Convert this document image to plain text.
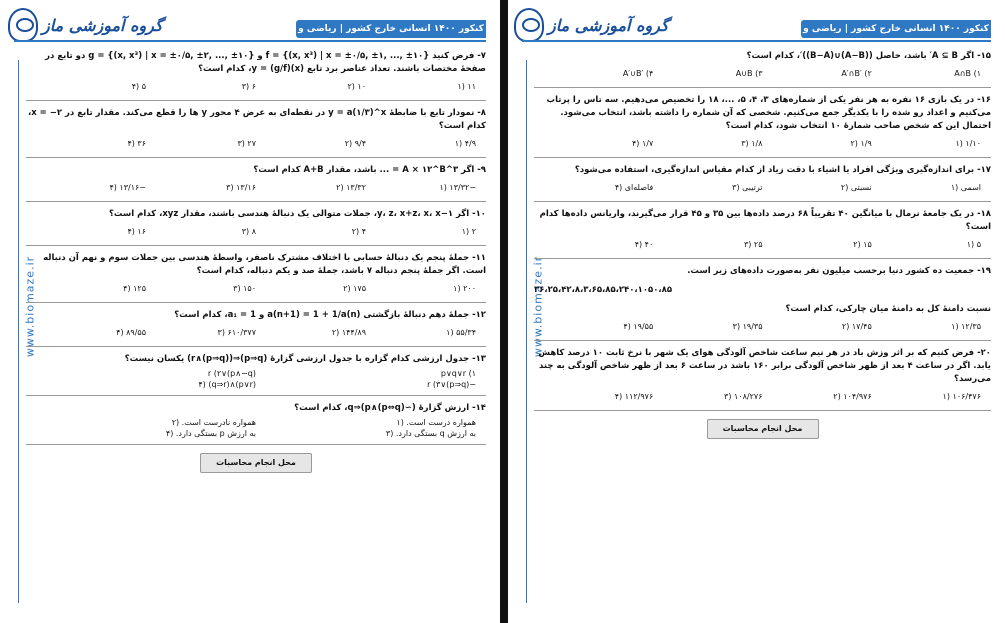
گروه آموزشی ماز	کنکور ۱۴۰۰ انسانی خارج کشور | ریاضی و آمار
www.biomaze.ir
۷- فرض کنید f = {(x, x³) | x = ±۰/۵, ±۱, ..., ±۱۰} و g = {(x, x³) | x = ±۰/۵, ±۲, ..., ±۱۰} دو تابع در صفحهٔ مختصات باشند. تعداد عناصر برد تابع y = (g/f)(x)، کدام است؟
۱۱ (۱
۱۰ (۲
۶ (۳
۵ (۴
۸- نمودار تابع با ضابطهٔ y = a(۱/۳)^x در نقطه‌ای به عرض ۴ محور y ها را قطع می‌کند. مقدار تابع در x = −۲، کدام است؟
۴/۹ (۱
۹/۴ (۲
۲۷ (۳
۳۶ (۴
۹- اگر ۳^A × ۱۲^B = ... باشد، مقدار A+B کدام است؟
−۱۳/۳۲ (۱
۱۳/۳۲ (۲
۱۳/۱۶ (۳
−۱۳/۱۶ (۴
۱۰- اگر y، z، x+z، x، x−۱، جملات متوالی یک دنبالهٔ هندسی باشند، مقدار xyz، کدام است؟
۲ (۱
۴ (۲
۸ (۳
۱۶ (۴
۱۱- جملهٔ پنجم یک دنبالهٔ حسابی با اختلاف مشترک ناصفر، واسطهٔ هندسی بین جملات سوم و نهم آن دنباله است. اگر جملهٔ پنجم دنباله ۷ باشد، جملهٔ صد و یکم دنباله، کدام است؟
۲۰۰ (۱
۱۷۵ (۲
۱۵۰ (۳
۱۲۵ (۴
۱۲- جملهٔ دهم دنبالهٔ بازگشتی a(n+1) = 1 + 1/a(n) و a₁ = 1، کدام است؟
۵۵/۳۴ (۱
۱۴۴/۸۹ (۲
۶۱۰/۳۷۷ (۳
۸۹/۵۵ (۴
۱۳- جدول ارزشی کدام گزاره با جدول ارزشی گزارهٔ (p⇒q)⇒(r∧(p⇒q)) یکسان نیست؟
p∨q∨r (۱
(p∧∼q)∨r (۲
−(p⇒q)∨r (۳
(p∨r)∧(q⇒r) (۴
۱۴- ارزش گزارهٔ (∼(p⇔q)∧p)⇒q، کدام است؟
همواره درست است. (۱
همواره نادرست است. (۲
به ارزش q بستگی دارد. (۳
به ارزش p بستگی دارد. (۴
محل انجام محاسبات
گروه آموزشی ماز	کنکور ۱۴۰۰ انسانی خارج کشور | ریاضی و آمار
www.biomaze.ir
۱۵- اگر A ⊆ B′ باشد، حاصل ((A−B)∪(B−A))′، کدام است؟
A∩B (۱
A′∩B′ (۲
A∪B (۳
A′∪B′ (۴
۱۶- در یک بازی ۱۶ نفره به هر نفر یکی از شماره‌های ۳، ۴، ۵، ...، ۱۸ را تخصیص می‌دهیم. سه تاس را پرتاب می‌کنیم و اعداد رو شده را با یکدیگر جمع می‌کنیم. شخصی که آن شماره را داشته باشد، انتخاب می‌شود. احتمال این که شخص صاحب شمارهٔ ۱۰ انتخاب شود، کدام است؟
۱/۱۰ (۱
۱/۹ (۲
۱/۸ (۳
۱/۷ (۴
۱۷- برای اندازه‌گیری ویژگی افراد یا اشیاء با دقت زیاد از کدام مقیاس اندازه‌گیری، استفاده می‌شود؟
اسمی (۱
نسبتی (۲
ترتیبی (۳
فاصله‌ای (۴
۱۸- در یک جامعهٔ نرمال با میانگین ۴۰ تقریباً ۶۸ درصد داده‌ها بین ۳۵ و ۴۵ قرار می‌گیرند، واریانس داده‌ها کدام است؟
۵ (۱
۱۵ (۲
۲۵ (۳
۴۰ (۴
۱۹- جمعیت ده کشور دنیا برحسب میلیون نفر به‌صورت داده‌های زیر است.
۳۶،۲۵،۴۲،۸،۳،۶۵،۸۵،۲۴۰،۱۰۵۰،۸۵
نسبت دامنهٔ کل به دامنهٔ میان چارکی، کدام است؟
۱۲/۳۵ (۱
۱۷/۴۵ (۲
۱۹/۳۵ (۳
۱۹/۵۵ (۴
۲۰- فرض کنیم که بر اثر وزش باد در هر نیم ساعت شاخص آلودگی هوای یک شهر با نرخ ثابت ۱۰ درصد کاهش یابد. اگر در ساعت ۴ بعد از ظهر شاخص آلودگی برابر ۱۶۰ باشد در ساعت ۶ بعد از ظهر شاخص آلودگی به چند می‌رسد؟
۱۰۶/۴۷۶ (۱
۱۰۴/۹۷۶ (۲
۱۰۸/۲۷۶ (۳
۱۱۲/۹۷۶ (۴
محل انجام محاسبات
